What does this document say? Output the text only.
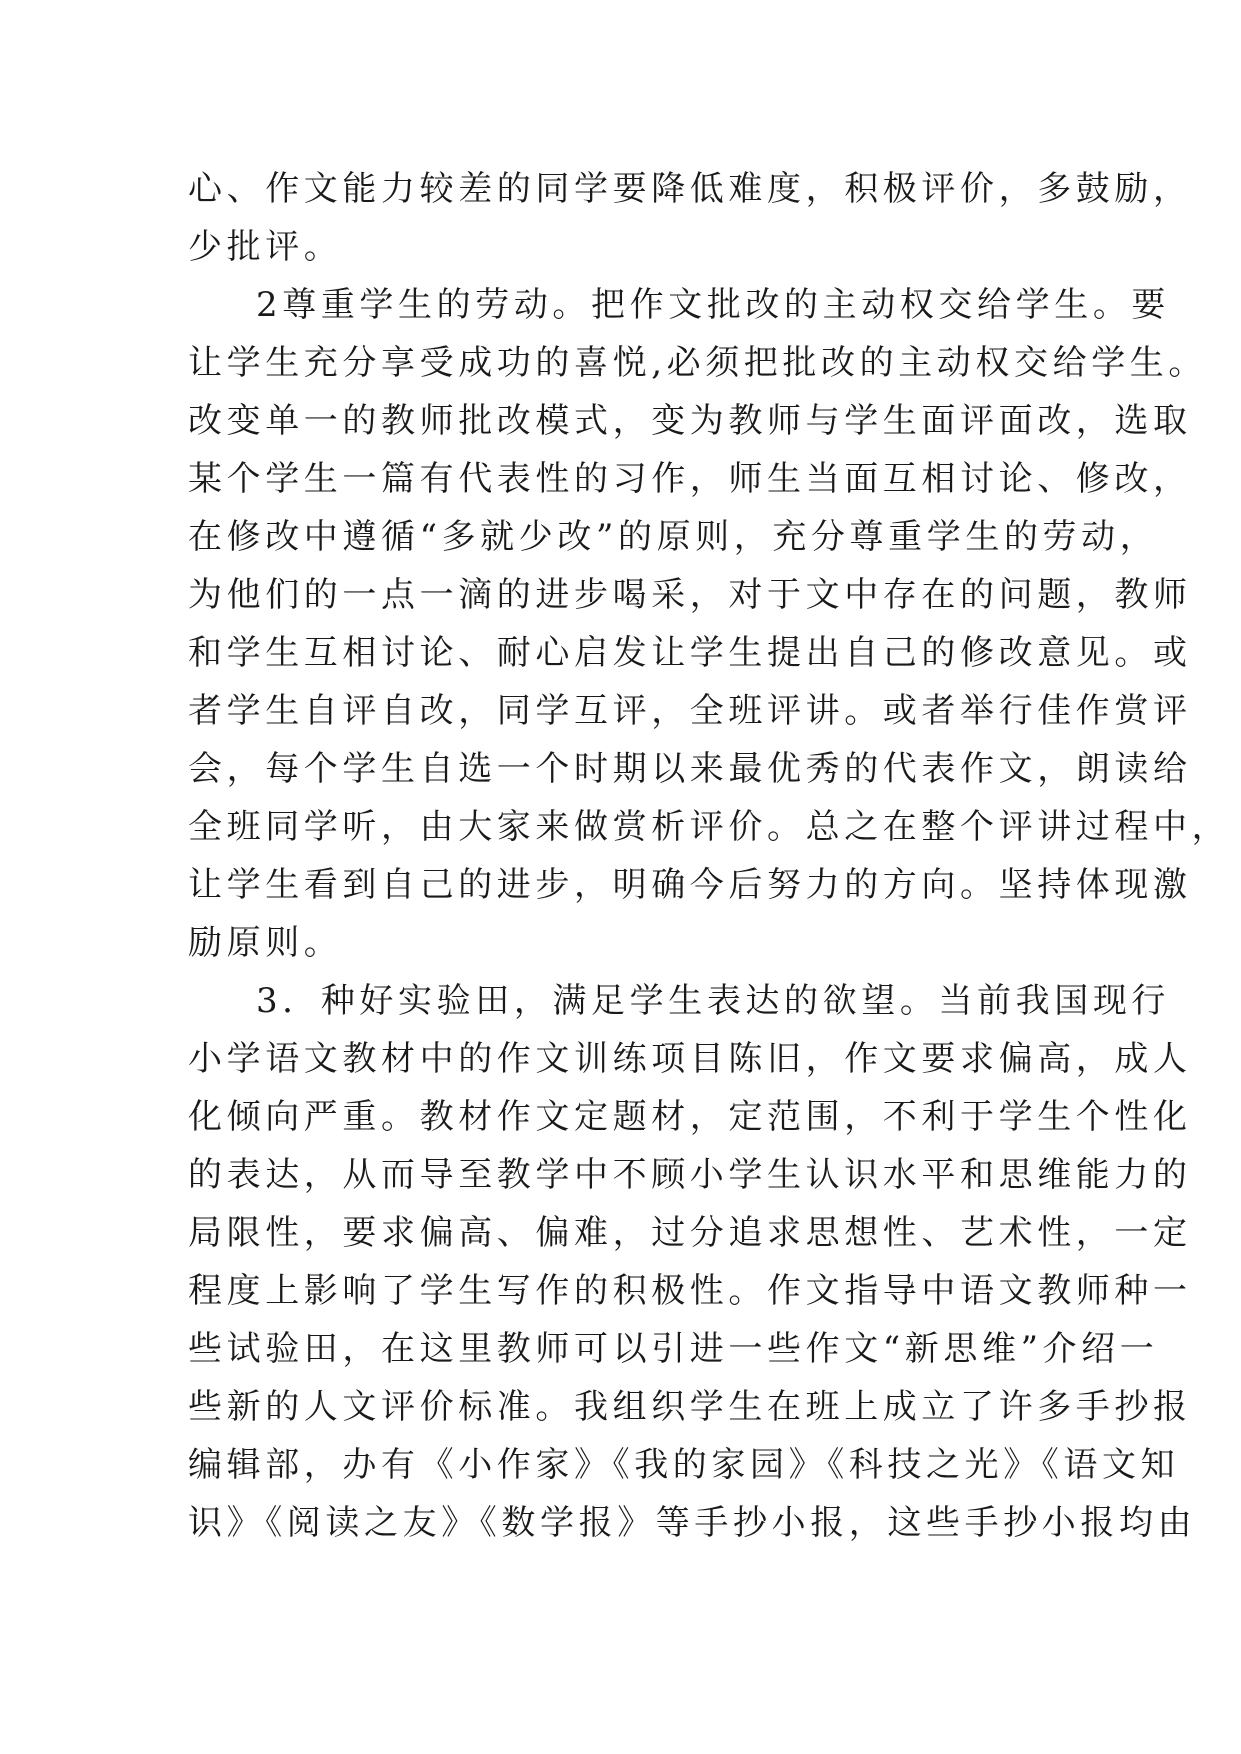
心、作文能力较差的同学要降低难度，积极评价，多鼓励，
少批评。
2尊重学生的劳动。把作文批改的主动权交给学生。要
让学生充分享受成功的喜悦,必须把批改的主动权交给学生。
改变单一的教师批改模式，变为教师与学生面评面改，选取
某个学生一篇有代表性的习作，师生当面互相讨论、修改，
在修改中遵循“多就少改”的原则，充分尊重学生的劳动，
为他们的一点一滴的进步喝采，对于文中存在的问题，教师
和学生互相讨论、耐心启发让学生提出自己的修改意见。或
者学生自评自改，同学互评，全班评讲。或者举行佳作赏评
会，每个学生自选一个时期以来最优秀的代表作文，朗读给
全班同学听，由大家来做赏析评价。总之在整个评讲过程中，
让学生看到自己的进步，明确今后努力的方向。坚持体现激
励原则。
3．种好实验田，满足学生表达的欲望。当前我国现行
小学语文教材中的作文训练项目陈旧，作文要求偏高，成人
化倾向严重。教材作文定题材，定范围，不利于学生个性化
的表达，从而导至教学中不顾小学生认识水平和思维能力的
局限性，要求偏高、偏难，过分追求思想性、艺术性，一定
程度上影响了学生写作的积极性。作文指导中语文教师种一
些试验田，在这里教师可以引进一些作文“新思维”介绍一
些新的人文评价标准。我组织学生在班上成立了许多手抄报
编辑部，办有《小作家》《我的家园》《科技之光》《语文知
识》《阅读之友》《数学报》等手抄小报，这些手抄小报均由
